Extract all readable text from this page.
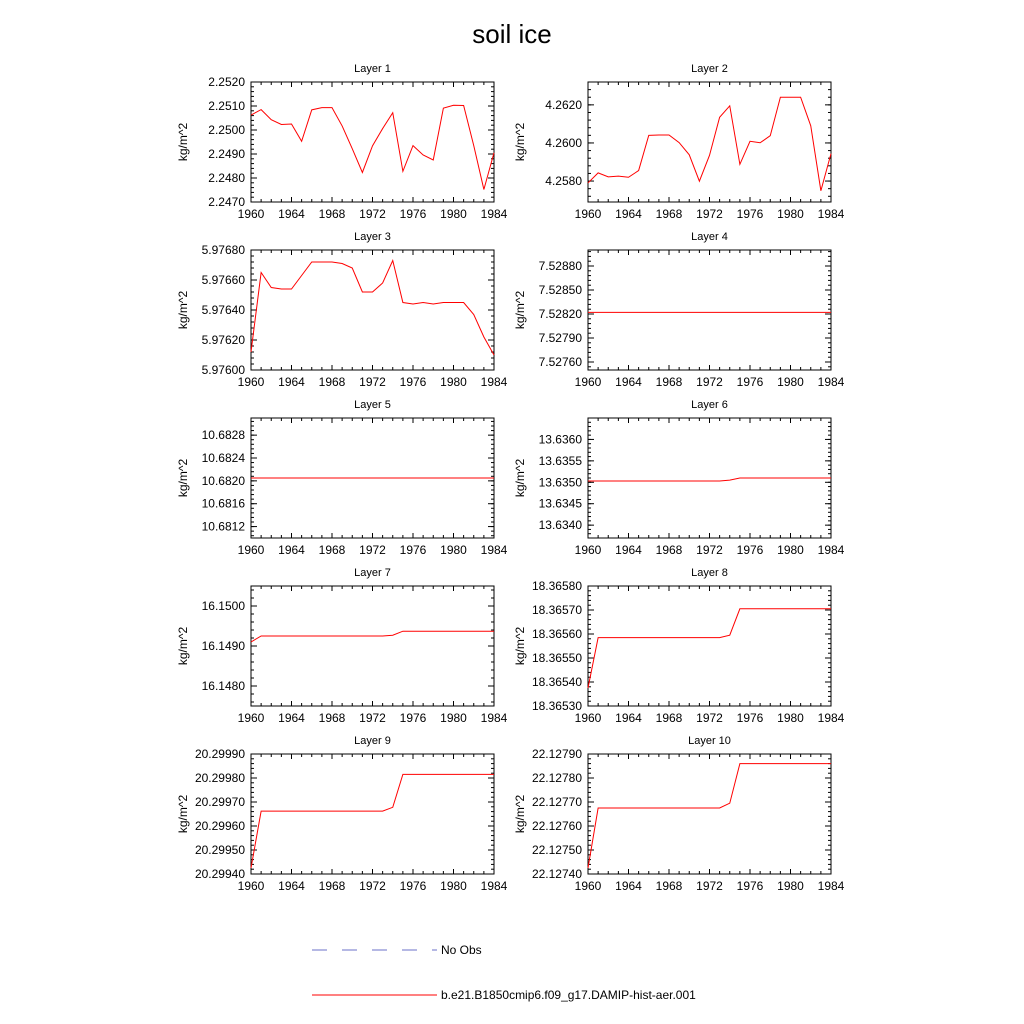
soil ice
Layer 1
kg/m^2
1960 1964 1968 1972 1976 1980 1984
2.2470
2.2480
2.2490
2.2500
2.2510
2.2520
Layer 2
kg/m^2
1960 1964 1968 1972 1976 1980 1984
4.2580
4.2600
4.2620
Layer 3
kg/m^2
1960 1964 1968 1972 1976 1980 1984
5.97600
5.97620
5.97640
5.97660
5.97680
Layer 4
kg/m^2
1960 1964 1968 1972 1976 1980 1984
7.52760
7.52790
7.52820
7.52850
7.52880
Layer 5
kg/m^2
1960 1964 1968 1972 1976 1980 1984
10.6812
10.6816
10.6820
10.6824
10.6828
Layer 6
kg/m^2
1960 1964 1968 1972 1976 1980 1984
13.6340
13.6345
13.6350
13.6355
13.6360
Layer 7
kg/m^2
1960 1964 1968 1972 1976 1980 1984
16.1480
16.1490
16.1500
Layer 8
kg/m^2
1960 1964 1968 1972 1976 1980 1984
18.36530
18.36540
18.36550
18.36560
18.36570
18.36580
Layer 9
kg/m^2
1960 1964 1968 1972 1976 1980 1984
20.29940
20.29950
20.29960
20.29970
20.29980
20.29990
Layer 10
kg/m^2
1960 1964 1968 1972 1976 1980 1984
22.12740
22.12750
22.12760
22.12770
22.12780
22.12790
No Obs
b.e21.B1850cmip6.f09_g17.DAMIP-hist-aer.001
